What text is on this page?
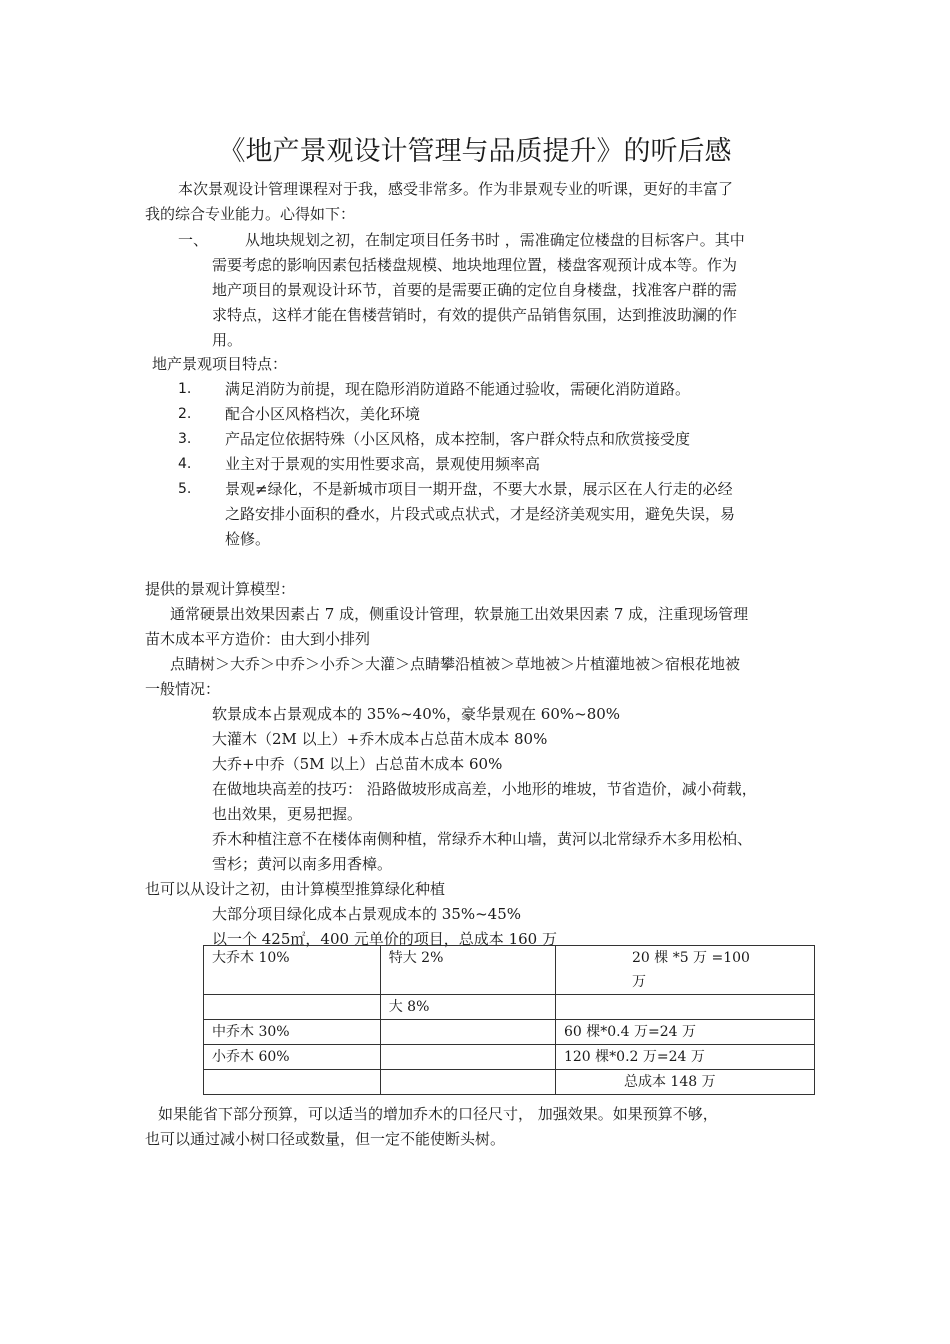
《地产景观设计管理与品质提升》的听后感
本次景观设计管理课程对于我，感受非常多。作为非景观专业的听课，更好的丰富了
我的综合专业能力。心得如下：
一、 从地块规划之初，在制定项目任务书时 ，需准确定位楼盘的目标客户。其中
需要考虑的影响因素包括楼盘规模、地块地理位置，楼盘客观预计成本等。作为
地产项目的景观设计环节，首要的是需要正确的定位自身楼盘，找准客户群的需
求特点，这样才能在售楼营销时，有效的提供产品销售氛围，达到推波助澜的作
用。
地产景观项目特点：
1. 满足消防为前提，现在隐形消防道路不能通过验收，需硬化消防道路。
2. 配合小区风格档次，美化环境
3. 产品定位依据特殊（小区风格，成本控制，客户群众特点和欣赏接受度
4. 业主对于景观的实用性要求高，景观使用频率高
5. 景观≠绿化，不是新城市项目一期开盘，不要大水景，展示区在人行走的必经
之路安排小面积的叠水，片段式或点状式，才是经济美观实用，避免失误，易
检修。
提供的景观计算模型：
通常硬景出效果因素占 7 成，侧重设计管理，软景施工出效果因素 7 成，注重现场管理
苗木成本平方造价：由大到小排列
点睛树＞大乔＞中乔＞小乔＞大灌＞点睛攀沿植被＞草地被＞片植灌地被＞宿根花地被
一般情况：
软景成本占景观成本的 35%~40%，豪华景观在 60%~80%
大灌木（2M 以上）+乔木成本占总苗木成本 80%
大乔+中乔（5M 以上）占总苗木成本 60%
在做地块高差的技巧： 沿路做坡形成高差，小地形的堆坡，节省造价，减小荷载，
也出效果，更易把握。
乔木种植注意不在楼体南侧种植，常绿乔木种山墙，黄河以北常绿乔木多用松柏、
雪杉；黄河以南多用香樟。
也可以从设计之初，由计算模型推算绿化种植
大部分项目绿化成本占景观成本的 35%~45%
以一个 425㎡，400 元单价的项目，总成本 160 万
大乔木 10%	特大 2%	20 棵 *5 万 =100
万

	大 8%	
中乔木 30%		60 棵*0.4 万=24 万
小乔木 60%		120 棵*0.2 万=24 万
		总成本 148 万
如果能省下部分预算，可以适当的增加乔木的口径尺寸， 加强效果。如果预算不够，
也可以通过减小树口径或数量，但一定不能使断头树。
